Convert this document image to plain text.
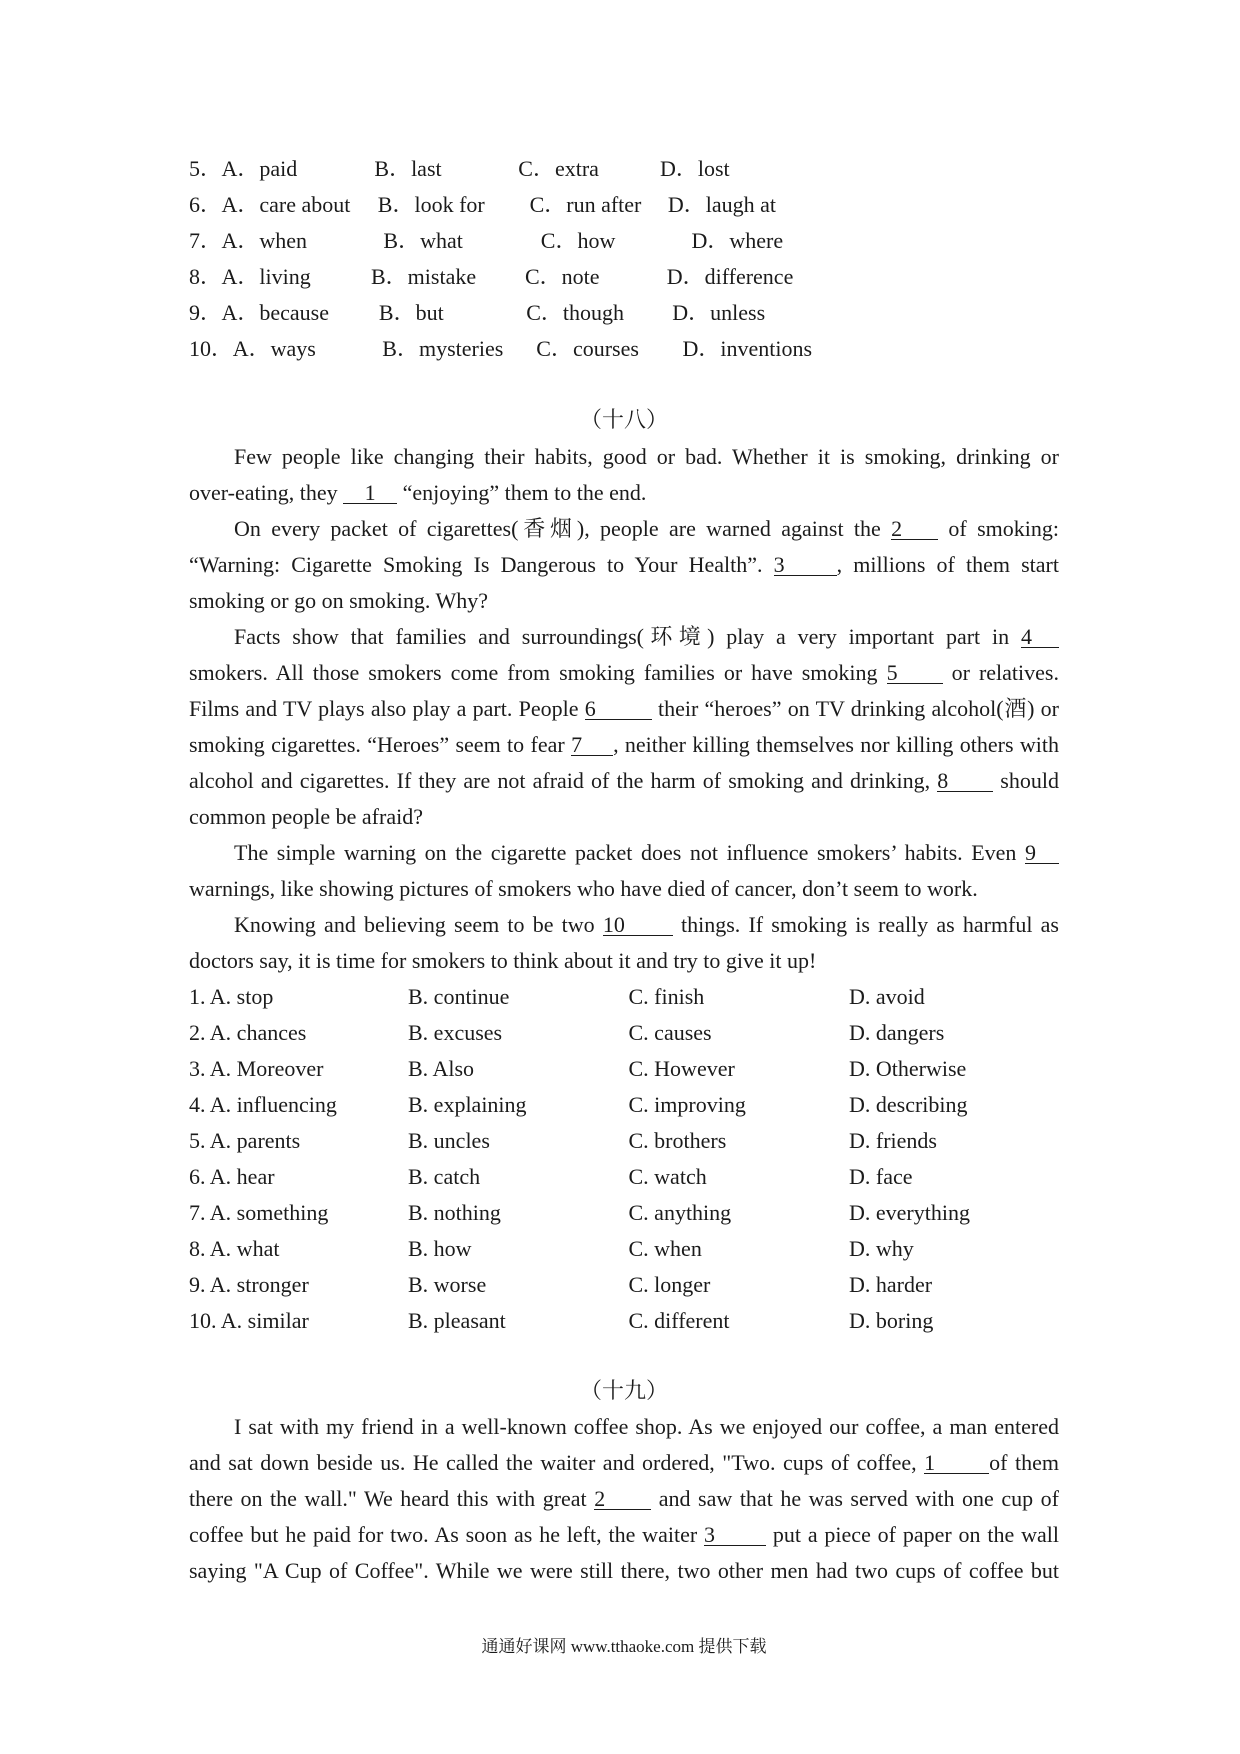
5． A．paid	B．last	C．extra	D．lost
6． A．care about B．look for C．run after D．laugh at
7． A．when	B．what	C．how	D．where
8． A．living	B．mistake C．note	D．difference
9． A．because B．but	C．though D．unless
10． A．ways	B．mysteries C．courses D．inventions
（十八）
Few people like changing their habits, good or bad. Whether it is smoking, drinking or
over-eating, they 1 “enjoying” them to the end.
On every packet of cigarettes(香烟), people are warned against the 2 of smoking:
“Warning: Cigarette Smoking Is Dangerous to Your Health”. 3 , millions of them start
smoking or go on smoking. Why?
Facts show that families and surroundings(环境) play a very important part in 4
smokers. All those smokers come from smoking families or have smoking 5 or relatives.
Films and TV plays also play a part. People 6	their “heroes” on TV drinking alcohol(酒) or
smoking cigarettes. “Heroes” seem to fear 7 , neither killing themselves nor killing others with
alcohol and cigarettes. If they are not afraid of the harm of smoking and drinking, 8 should
common people be afraid?
The simple warning on the cigarette packet does not influence smokers’ habits. Even 9
warnings, like showing pictures of smokers who have died of cancer, don’t seem to work.
Knowing and believing seem to be two 10 things. If smoking is really as harmful as
doctors say, it is time for smokers to think about it and try to give it up!
1. A. stop	B. continue	C. finish	D. avoid
2. A. chances	B. excuses	C. causes	D. dangers
3. A. Moreover	B. Also	C. However	D. Otherwise
4. A. influencing	B. explaining	C. improving	D. describing
5. A. parents	B. uncles	C. brothers	D. friends
6. A. hear	B. catch	C. watch	D. face
7. A. something	B. nothing	C. anything	D. everything
8. A. what	B. how	C. when	D. why
9. A. stronger	B. worse	C. longer	D. harder
10. A. similar	B. pleasant	C. different	D. boring
（十九）
I sat with my friend in a well-known coffee shop. As we enjoyed our coffee, a man entered
and sat down beside us. He called the waiter and ordered, "Two. cups of coffee, 1 of them
there on the wall." We heard this with great 2 and saw that he was served with one cup of
coffee but he paid for two. As soon as he left, the waiter 3 put a piece of paper on the wall
saying "A Cup of Coffee". While we were still there, two other men had two cups of coffee but
通通好课网 www.tthaoke.com 提供下载
